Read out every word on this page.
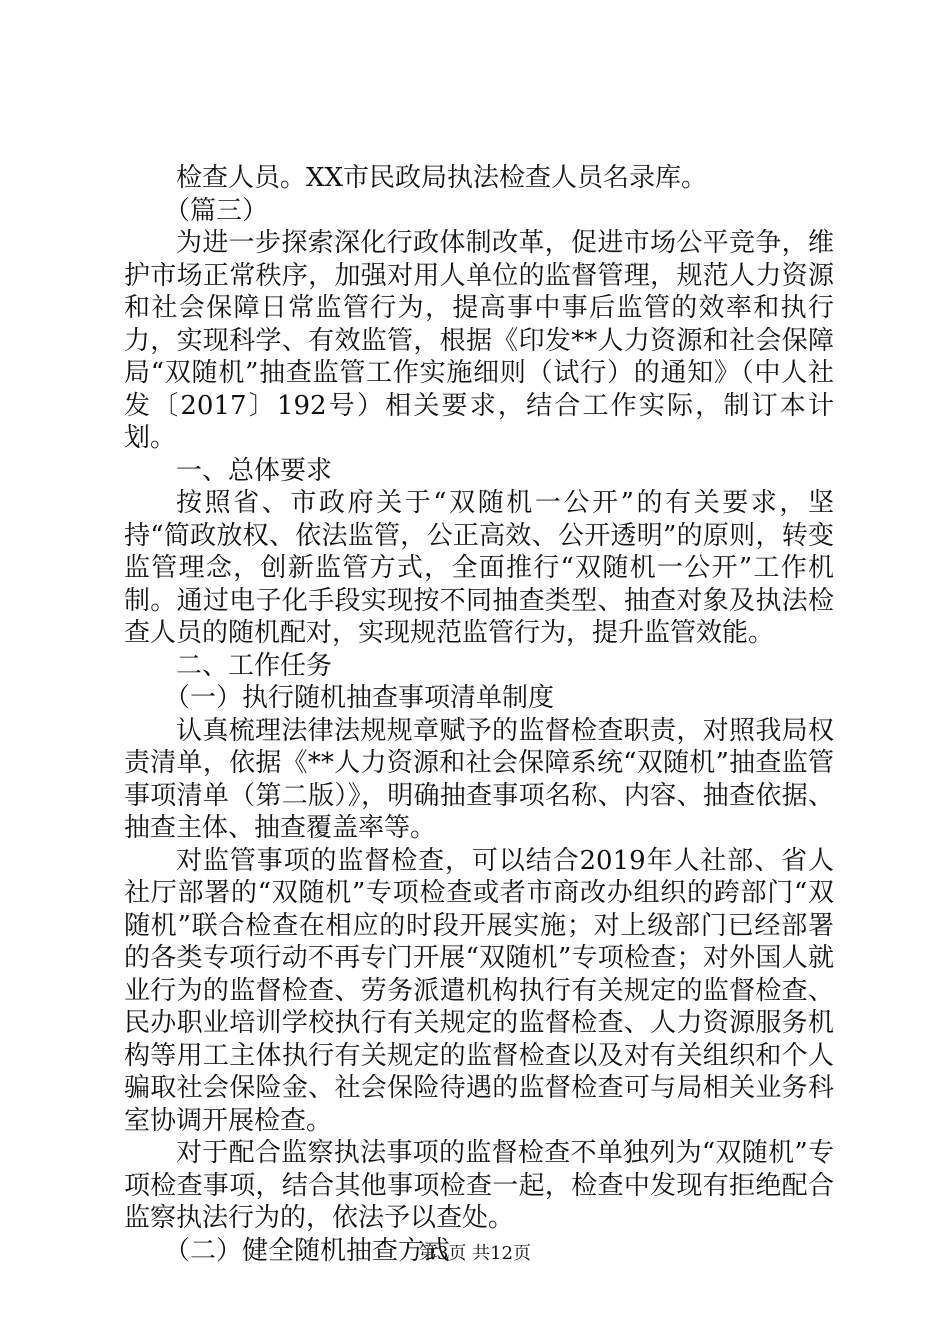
检查人员。XX市民政局执法检查人员名录库。

（篇三）

为进一步探索深化行政体制改革，促进市场公平竞争，维护市场正常秩序，加强对用人单位的监督管理，规范人力资源和社会保障日常监管行为，提高事中事后监管的效率和执行力，实现科学、有效监管，根据《印发**人力资源和社会保障局“双随机”抽查监管工作实施细则（试行）的通知》（中人社发〔2017〕192号）相关要求，结合工作实际，制订本计划。

一、总体要求

按照省、市政府关于“双随机一公开”的有关要求，坚持“简政放权、依法监管，公正高效、公开透明”的原则，转变监管理念，创新监管方式，全面推行“双随机一公开”工作机制。通过电子化手段实现按不同抽查类型、抽查对象及执法检查人员的随机配对，实现规范监管行为，提升监管效能。

二、工作任务

（一）执行随机抽查事项清单制度

认真梳理法律法规规章赋予的监督检查职责，对照我局权责清单，依据《**人力资源和社会保障系统“双随机”抽查监管事项清单（第二版）》，明确抽查事项名称、内容、抽查依据、抽查主体、抽查覆盖率等。

对监管事项的监督检查，可以结合2019年人社部、省人社厅部署的“双随机”专项检查或者市商改办组织的跨部门“双随机”联合检查在相应的时段开展实施；对上级部门已经部署的各类专项行动不再专门开展“双随机”专项检查；对外国人就业行为的监督检查、劳务派遣机构执行有关规定的监督检查、民办职业培训学校执行有关规定的监督检查、人力资源服务机构等用工主体执行有关规定的监督检查以及对有关组织和个人骗取社会保险金、社会保险待遇的监督检查可与局相关业务科室协调开展检查。

对于配合监察执法事项的监督检查不单独列为“双随机”专项检查事项，结合其他事项检查一起，检查中发现有拒绝配合监察执法行为的，依法予以查处。

（二）健全随机抽查方式

第3页 共12页
